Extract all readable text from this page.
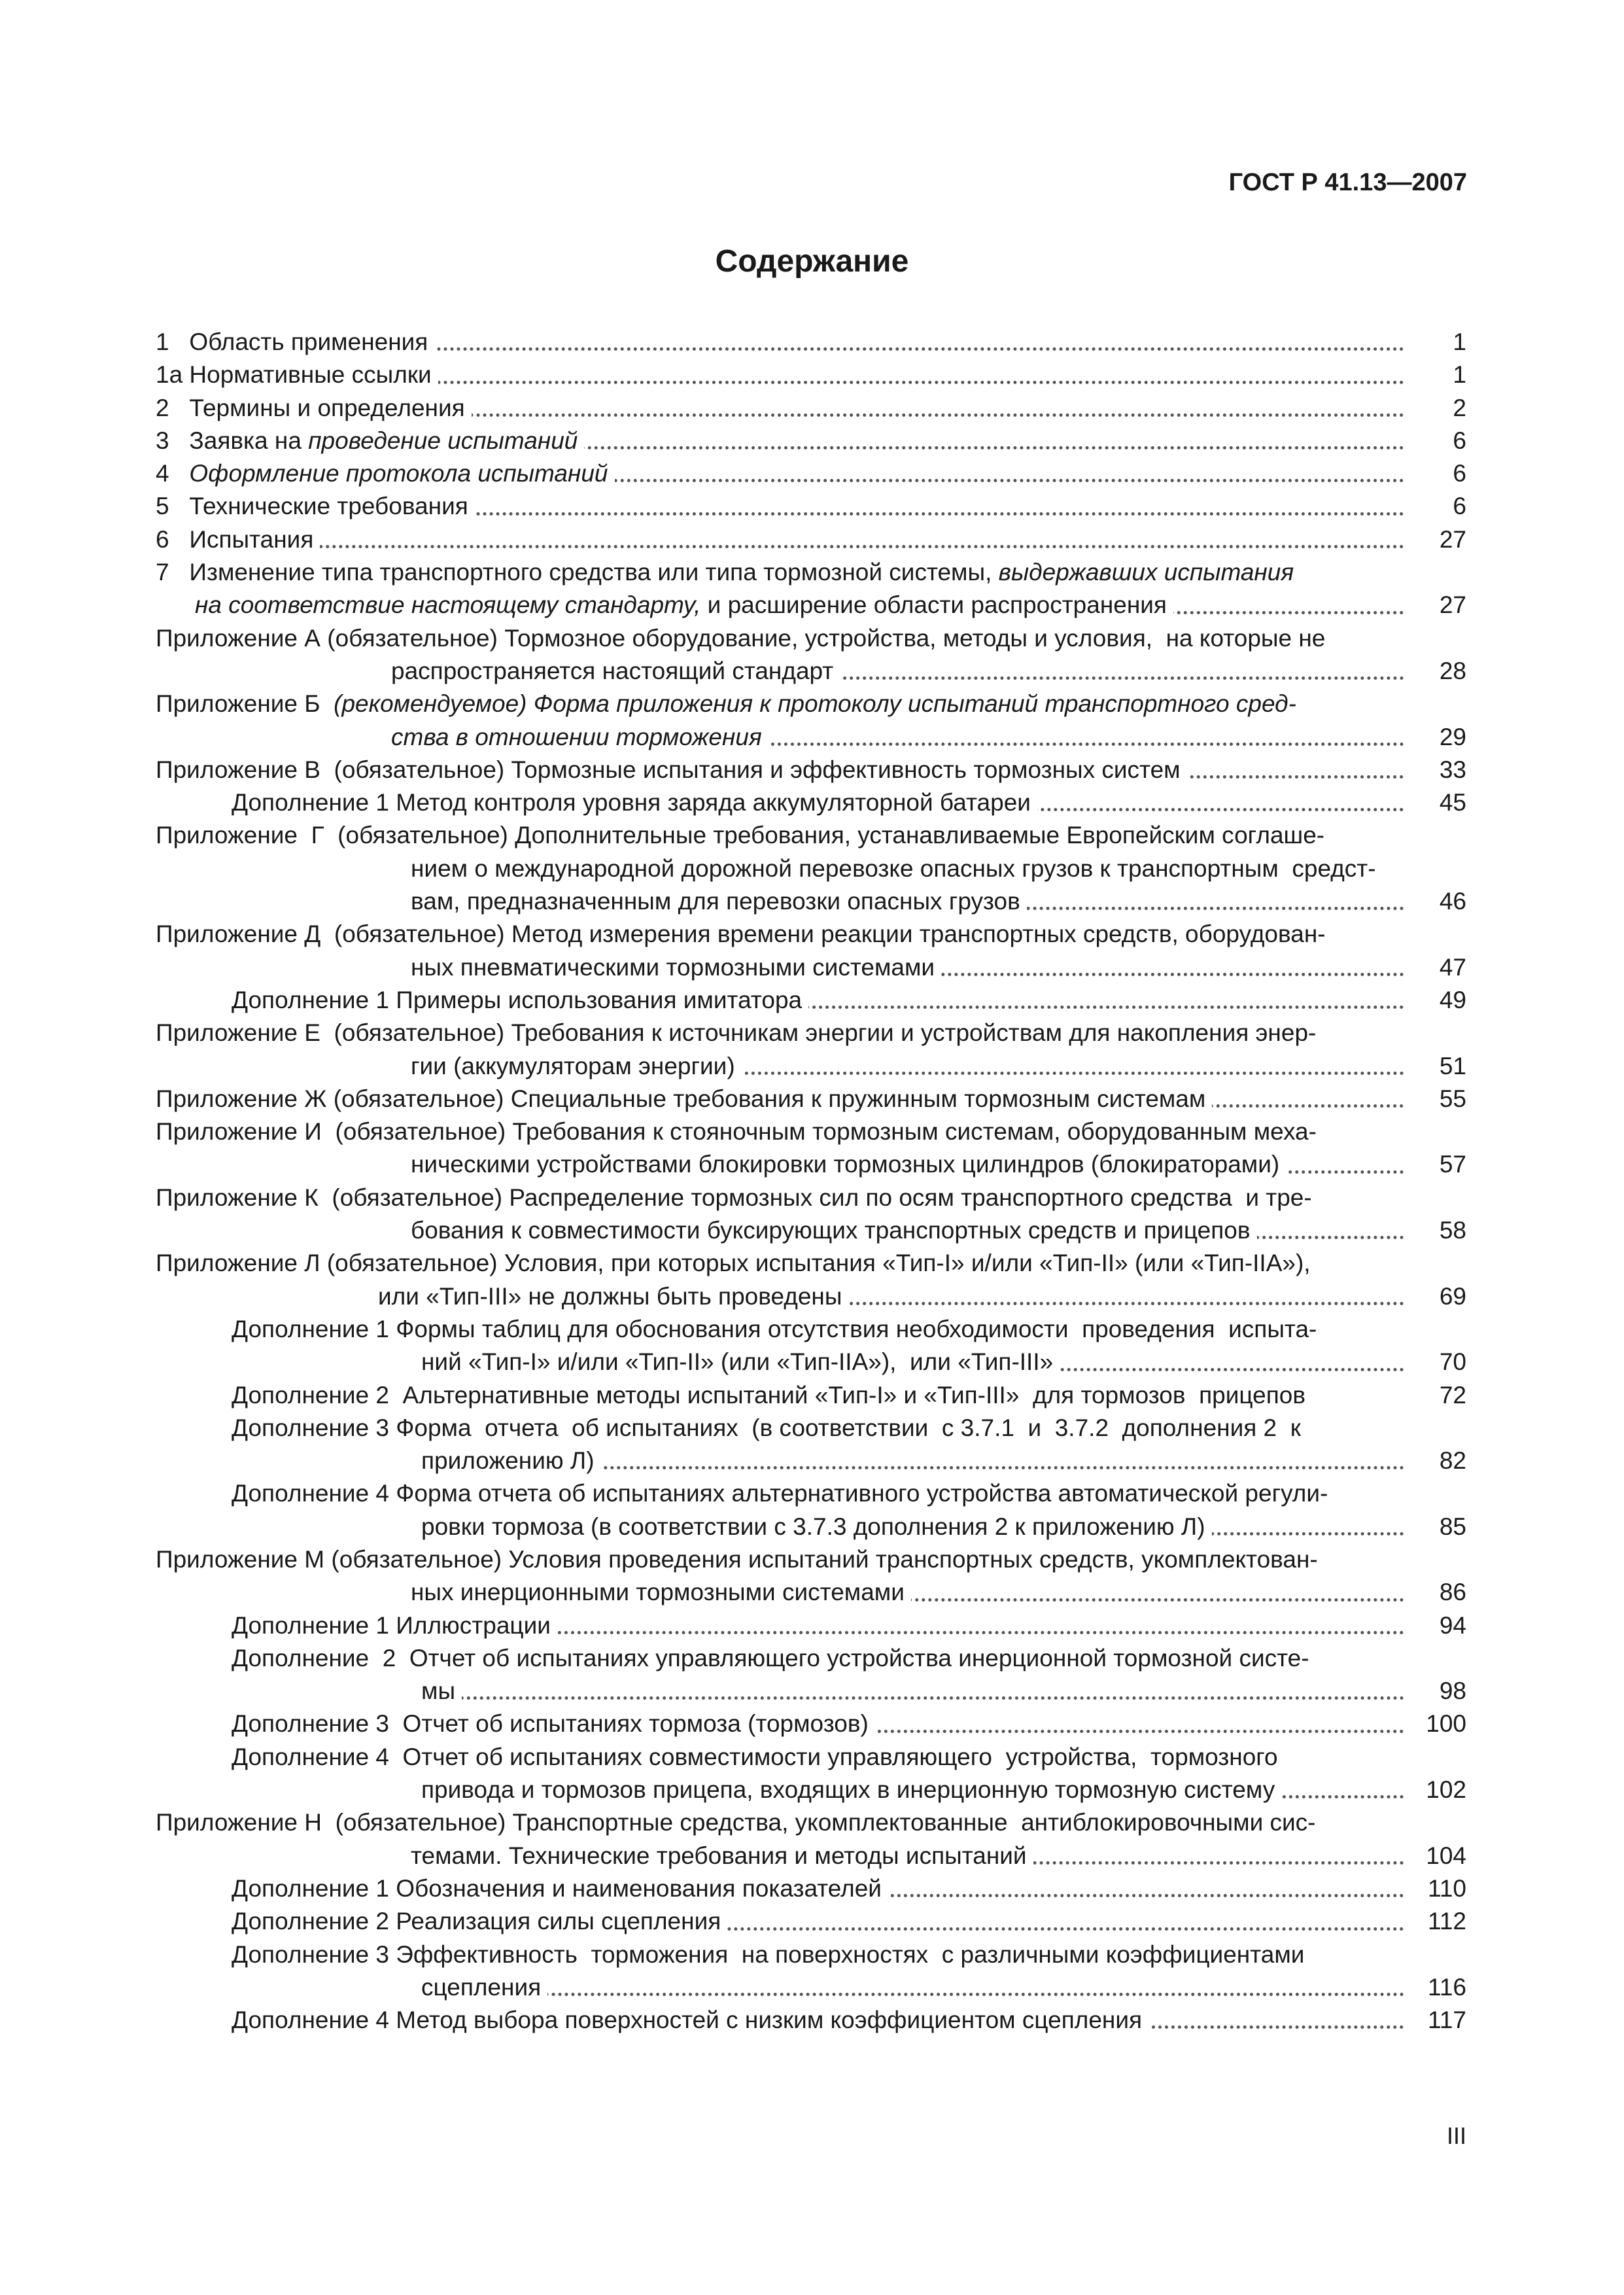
ГОСТ Р 41.13—2007
Содержание
1   Область применения	1
1а Нормативные ссылки	1
2   Термины и определения	2
3   Заявка на проведение испытаний	6
4   Оформление протокола испытаний	6
5   Технические требования	6
6   Испытания	27
7   Изменение типа транспортного средства или типа тормозной системы, выдержавших испытания
на соответствие настоящему стандарту, и расширение области распространения	27
Приложение А (обязательное) Тормозное оборудование, устройства, методы и условия,  на которые не
распространяется настоящий стандарт	28
Приложение Б  (рекомендуемое) Форма приложения к протоколу испытаний транспортного сред-
ства в отношении торможения	29
Приложение В  (обязательное) Тормозные испытания и эффективность тормозных систем	33
Дополнение 1 Метод контроля уровня заряда аккумуляторной батареи	45
Приложение  Г  (обязательное) Дополнительные требования, устанавливаемые Европейским соглаше-
нием о международной дорожной перевозке опасных грузов к транспортным  средст-
вам, предназначенным для перевозки опасных грузов	46
Приложение Д  (обязательное) Метод измерения времени реакции транспортных средств, оборудован-
ных пневматическими тормозными системами	47
Дополнение 1 Примеры использования имитатора	49
Приложение Е  (обязательное) Требования к источникам энергии и устройствам для накопления энер-
гии (аккумуляторам энергии)	51
Приложение Ж (обязательное) Специальные требования к пружинным тормозным системам	55
Приложение И  (обязательное) Требования к стояночным тормозным системам, оборудованным меха-
ническими устройствами блокировки тормозных цилиндров (блокираторами)	57
Приложение К  (обязательное) Распределение тормозных сил по осям транспортного средства  и тре-
бования к совместимости буксирующих транспортных средств и прицепов	58
Приложение Л (обязательное) Условия, при которых испытания «Тип-I» и/или «Тип-II» (или «Тип-IIA»),
или «Тип-III» не должны быть проведены	69
Дополнение 1 Формы таблиц для обоснования отсутствия необходимости  проведения  испыта-
ний «Тип-I» и/или «Тип-II» (или «Тип-IIA»),  или «Тип-III»	70
Дополнение 2  Альтернативные методы испытаний «Тип-I» и «Тип-III»  для тормозов  прицепов	72
Дополнение 3 Форма  отчета  об испытаниях  (в соответствии  с 3.7.1  и  3.7.2  дополнения 2  к
приложению Л)	82
Дополнение 4 Форма отчета об испытаниях альтернативного устройства автоматической регули-
ровки тормоза (в соответствии с 3.7.3 дополнения 2 к приложению Л)	85
Приложение М (обязательное) Условия проведения испытаний транспортных средств, укомплектован-
ных инерционными тормозными системами	86
Дополнение 1 Иллюстрации	94
Дополнение  2  Отчет об испытаниях управляющего устройства инерционной тормозной систе-
мы	98
Дополнение 3  Отчет об испытаниях тормоза (тормозов)	100
Дополнение 4  Отчет об испытаниях совместимости управляющего  устройства,  тормозного
привода и тормозов прицепа, входящих в инерционную тормозную систему	102
Приложение Н  (обязательное) Транспортные средства, укомплектованные  антиблокировочными сис-
темами. Технические требования и методы испытаний	104
Дополнение 1 Обозначения и наименования показателей	110
Дополнение 2 Реализация силы сцепления	112
Дополнение 3 Эффективность  торможения  на поверхностях  с различными коэффициентами
сцепления	116
Дополнение 4 Метод выбора поверхностей с низким коэффициентом сцепления	117
III
